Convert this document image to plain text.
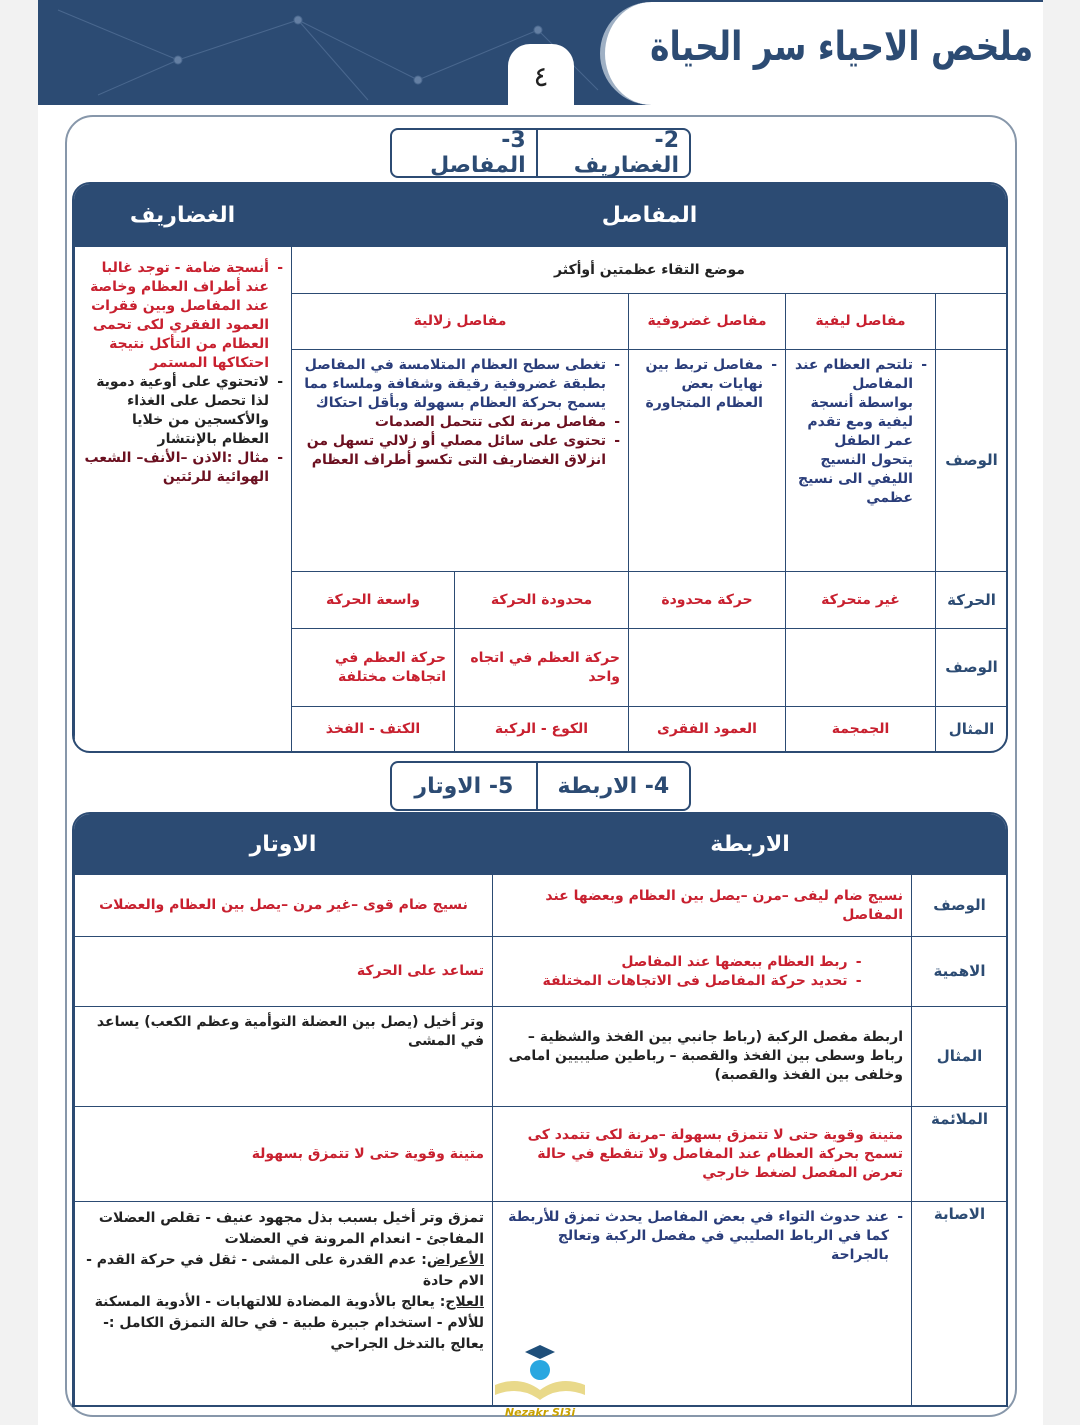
ملخص الاحياء سر الحياة
٤
2- الغضاريف
3- المفاصل
الغضاريف	المفاصل
- أنسجة ضامة - توجد غالبا عند أطراف العظام وخاصة عند المفاصل وبين فقرات العمود الفقري لكى تحمى العظام من التأكل نتيجة احتكاكها المستمر
- لاتحتوي على أوعية دموية لذا تحصل على الغذاء والأكسجين من خلايا العظام بالإنتشار
- مثال :الاذن –الأنف– الشعب الهوائية للرئتين
موضع التقاء عظمتين أوأكثر
مفاصل ليفية
مفاصل غضروفية
مفاصل زلالية
الوصف
- تلتحم العظام عند المفاصل بواسطة أنسجة ليفية ومع تقدم عمر الطفل يتحول النسيج الليفي الى نسيج عظمي
- مفاصل تربط بين نهايات بعض العظام المتجاورة
- تغطى سطح العظام المتلامسة في المفاصل بطبقة غضروفية رقيقة وشفافة وملساء مما يسمح بحركة العظام بسهولة وبأقل احتكاك
- مفاصل مرنة لكى تتحمل الصدمات
- تحتوى على سائل مصلي أو زلالي تسهل من انزلاق الغضاريف التى تكسو أطراف العظام
الحركة
غير متحركة
حركة محدودة
محدودة الحركة
واسعة الحركة
الوصف
حركة العظم في اتجاه واحد
حركة العظم في اتجاهات مختلفة
المثال
الجمجمة
العمود الفقرى
الكوع - الركبة
الكتف - الفخذ
4- الاربطة
5- الاوتار
الاوتار	الاربطة
الوصف
نسيج ضام ليفى –مرن –يصل بين العظام وبعضها عند المفاصل
نسيج ضام قوى –غير مرن –يصل بين العظام والعضلات
الاهمية
- ربط العظام ببعضها عند المفاصل
- تحديد حركة المفاصل فى الاتجاهات المختلفة
تساعد على الحركة
المثال
اربطة مفصل الركبة (رباط جانبي بين الفخذ والشظية – رباط وسطى بين الفخذ والقصبة – رباطين صليبيين امامى وخلفى بين الفخذ والقصبة)
وتر أخيل (يصل بين العضلة التوأمية وعظم الكعب) يساعد في المشى
الملائمة
متينة وقوية حتى لا تتمزق بسهولة –مرنة لكى تتمدد كى تسمح بحركة العظام عند المفاصل ولا تنقطع في حالة تعرض المفصل لضغط خارجي
متينة وقوية حتى لا تتمزق بسهولة
الاصابة
- عند حدوث التواء في بعض المفاصل يحدث تمزق للأربطة كما في الرباط الصليبي في مفصل الركبة وتعالج بالجراحة
تمزق وتر أخيل بسبب بذل مجهود عنيف - تقلص العضلات المفاجئ - انعدام المرونة في العضلات
الأعراض: عدم القدرة على المشى - ثقل في حركة القدم - الام حادة
العلاج: يعالج بالأدوية المضادة للالتهابات - الأدوية المسكنة للألام - استخدام جبيرة طبية - في حالة التمزق الكامل :- يعالج بالتدخل الجراحي
Nezakr Sl3i
